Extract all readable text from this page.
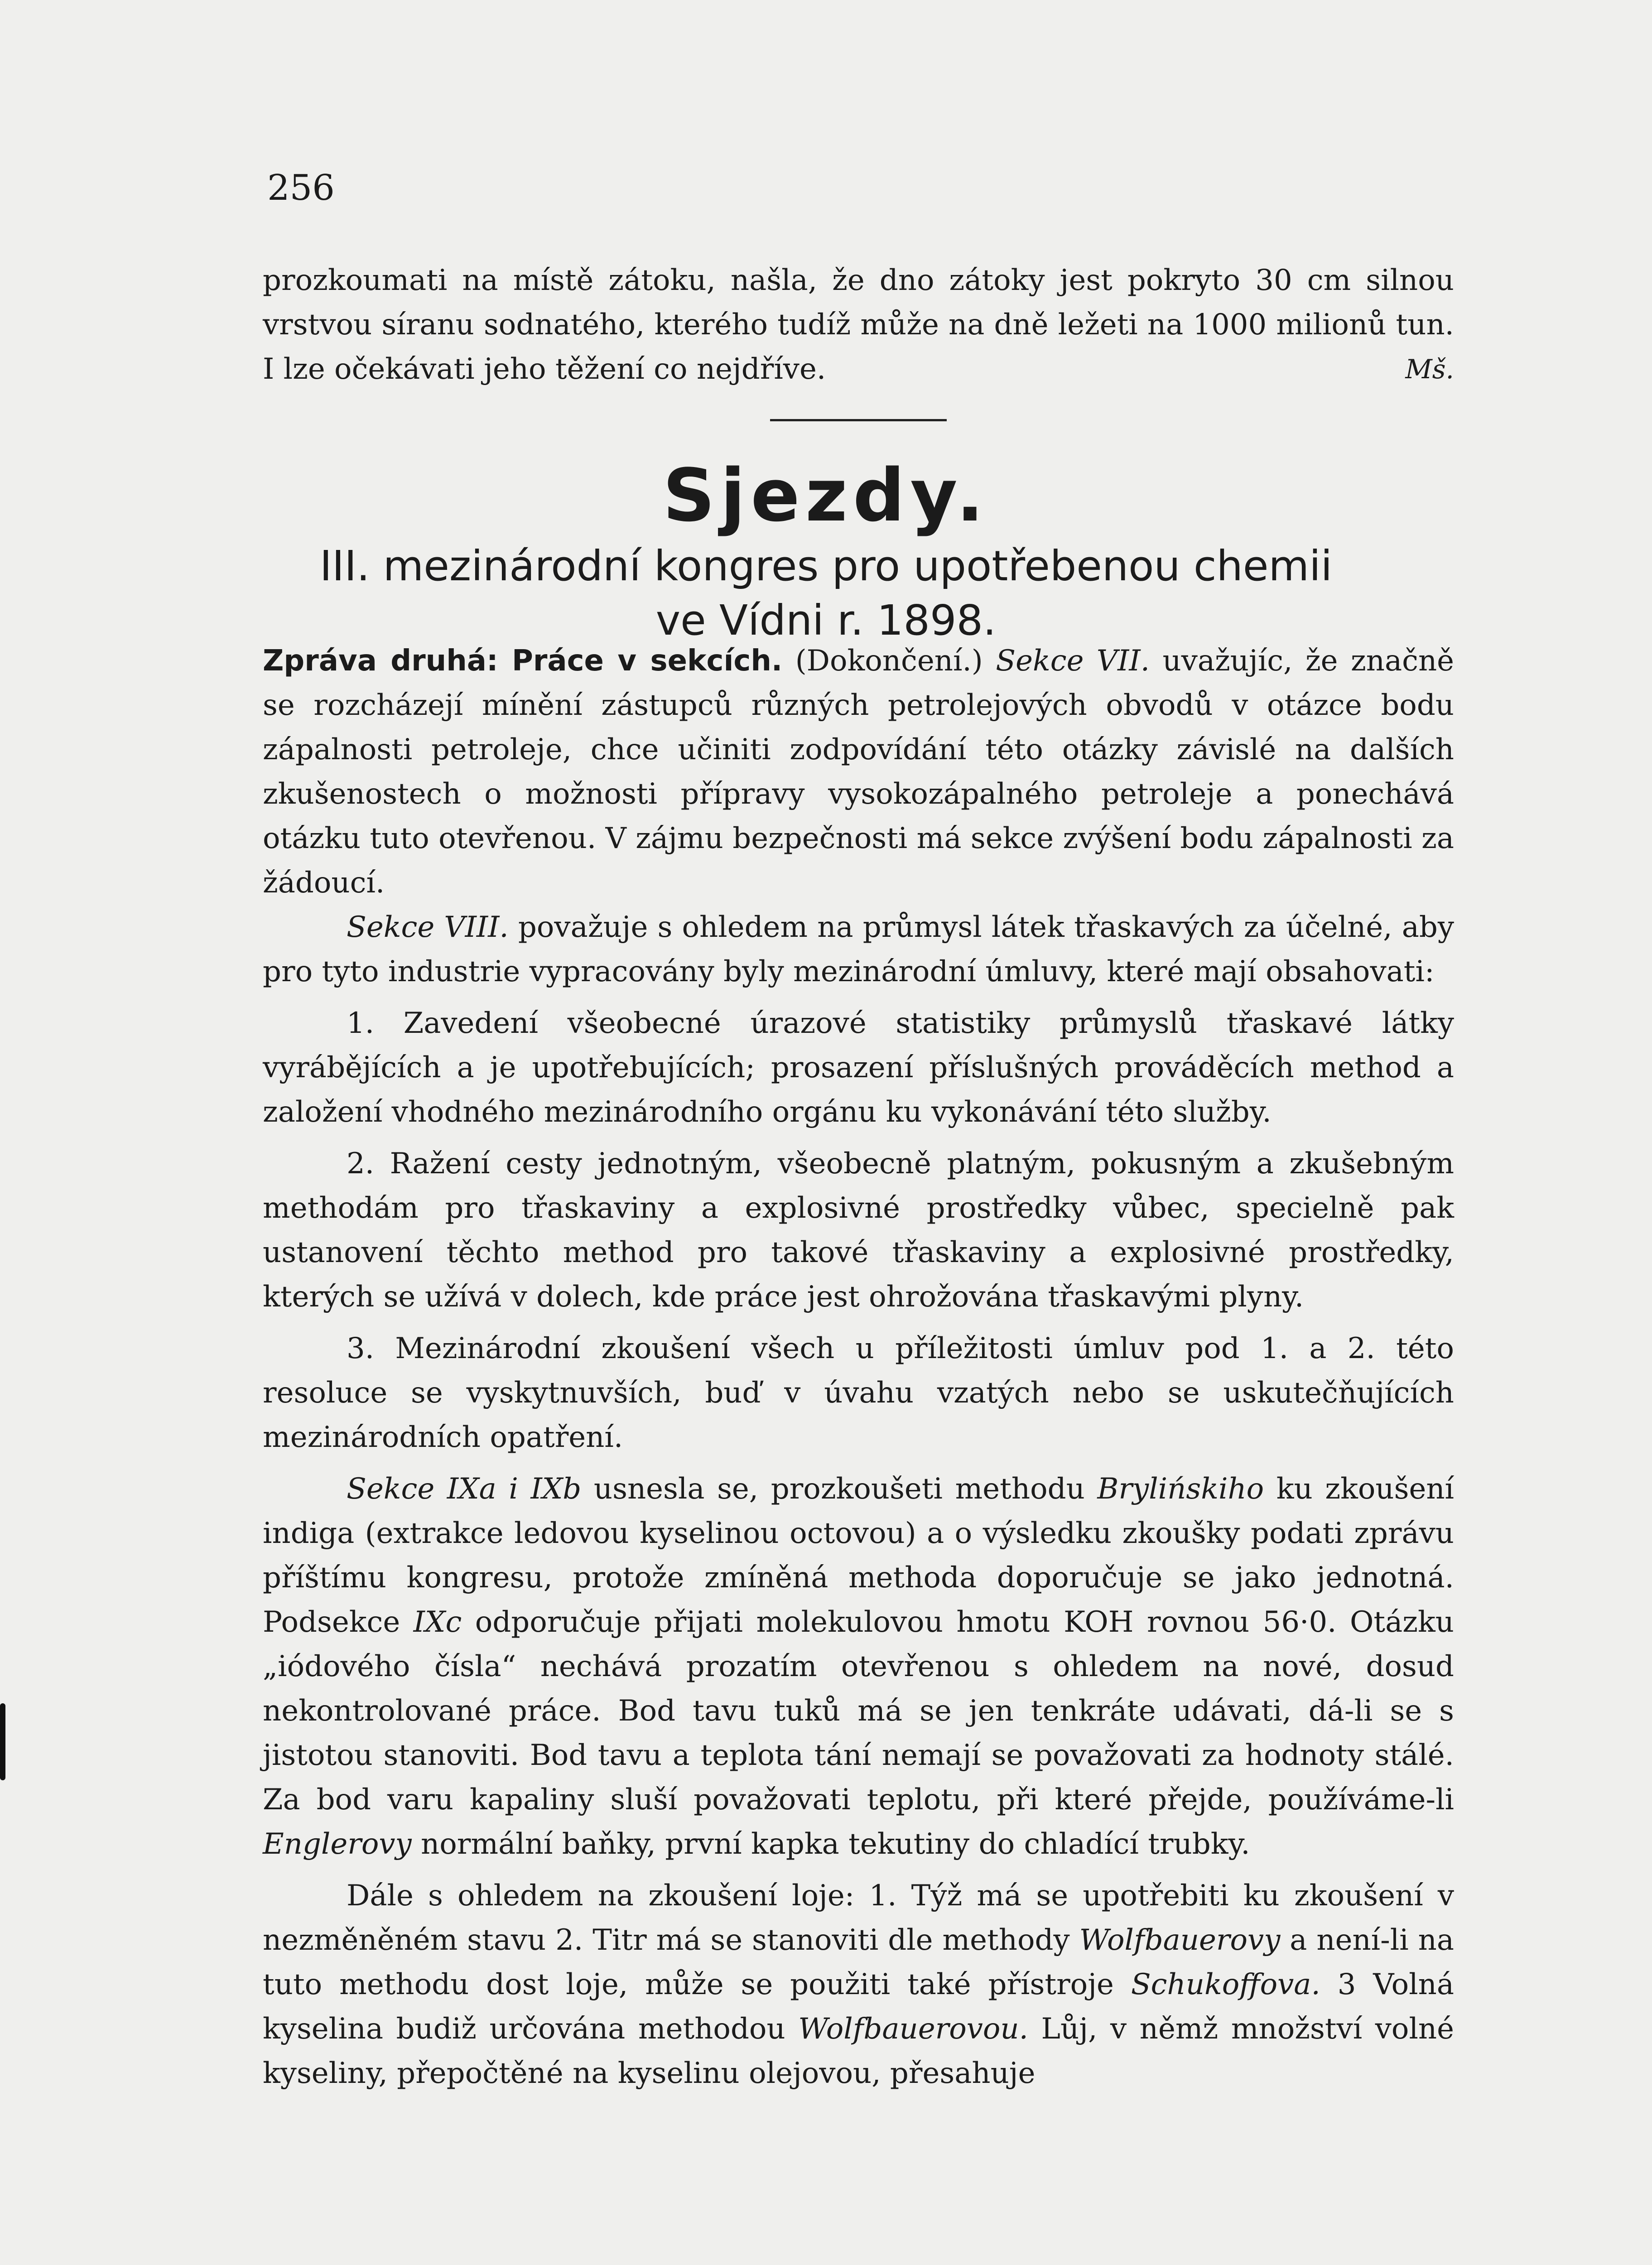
256
prozkoumati na místě zátoku, našla, že dno zátoky jest pokryto 30 cm silnou vrstvou síranu sodnatého, kterého tudíž může na dně ležeti na 1000 milionů tun. I lze očekávati jeho těžení co nejdříve.	Mš.
Sjezdy.
III. mezinárodní kongres pro upotřebenou chemii
ve Vídni r. 1898.

Zpráva druhá: Práce v sekcích. (Dokončení.) Sekce VII. uvažujíc, že značně se rozcházejí mínění zástupců různých petrolejových obvodů v otázce bodu zápalnosti petroleje, chce učiniti zodpovídání této otázky závislé na dalších zkušenostech o možnosti přípravy vysokozápalného petroleje a ponechává otázku tuto otevřenou. V zájmu bezpečnosti má sekce zvýšení bodu zápalnosti za žádoucí.

Sekce VIII. považuje s ohledem na průmysl látek třaskavých za účelné, aby pro tyto industrie vypracovány byly mezinárodní úmluvy, které mají obsahovati:

1. Zavedení všeobecné úrazové statistiky průmyslů třaskavé látky vyrábějících a je upotřebujících; prosazení příslušných prováděcích method a založení vhodného mezinárodního orgánu ku vykonávání této služby.

2. Ražení cesty jednotným, všeobecně platným, pokusným a zkušebným methodám pro třaskaviny a explosivné prostředky vůbec, specielně pak ustanovení těchto method pro takové třaskaviny a explosivné prostředky, kterých se užívá v dolech, kde práce jest ohrožována třaskavými plyny.

3. Mezinárodní zkoušení všech u příležitosti úmluv pod 1. a 2. této resoluce se vyskytnuvších, buď v úvahu vzatých nebo se uskutečňujících mezinárodních opatření.

Sekce IXa i IXb usnesla se, prozkoušeti methodu Brylińskiho ku zkoušení indiga (extrakce ledovou kyselinou octovou) a o výsledku zkoušky podati zprávu příštímu kongresu, protože zmíněná methoda doporučuje se jako jednotná. Podsekce IXc odporučuje přijati molekulovou hmotu KOH rovnou 56·0. Otázku „iódového čísla“ nechává prozatím otevřenou s ohledem na nové, dosud nekontrolované práce. Bod tavu tuků má se jen tenkráte udávati, dá-li se s jistotou stanoviti. Bod tavu a teplota tání nemají se považovati za hodnoty stálé. Za bod varu kapaliny sluší považovati teplotu, při které přejde, používáme-li Englerovy normální baňky, první kapka tekutiny do chladící trubky.

Dále s ohledem na zkoušení loje: 1. Týž má se upotřebiti ku zkoušení v nezměněném stavu 2. Titr má se stanoviti dle methody Wolfbauerovy a není-li na tuto methodu dost loje, může se použiti také přístroje Schukoffova. 3 Volná kyselina budiž určována methodou Wolfbauerovou. Lůj, v němž množství volné kyseliny, přepočtěné na kyselinu olejovou, přesahuje
